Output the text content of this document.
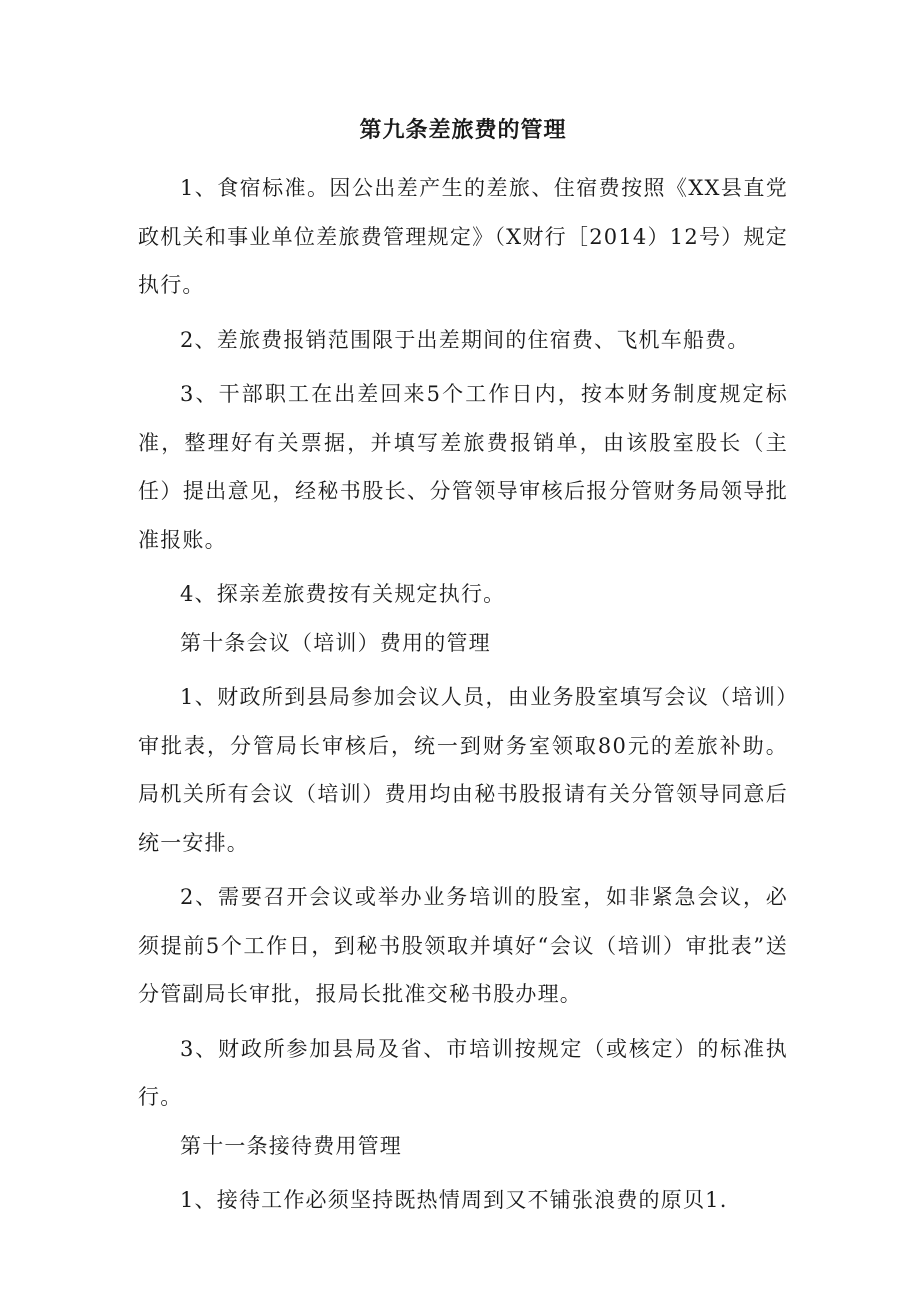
第九条差旅费的管理

1、食宿标准。因公出差产生的差旅、住宿费按照《XX县直党政机关和事业单位差旅费管理规定》（X财行［2014）12号）规定执行。

2、差旅费报销范围限于出差期间的住宿费、飞机车船费。

3、干部职工在出差回来5个工作日内，按本财务制度规定标准，整理好有关票据，并填写差旅费报销单，由该股室股长（主任）提出意见，经秘书股长、分管领导审核后报分管财务局领导批准报账。

4、探亲差旅费按有关规定执行。

第十条会议（培训）费用的管理

1、财政所到县局参加会议人员，由业务股室填写会议（培训）审批表，分管局长审核后，统一到财务室领取80元的差旅补助。局机关所有会议（培训）费用均由秘书股报请有关分管领导同意后统一安排。

2、需要召开会议或举办业务培训的股室，如非紧急会议，必须提前5个工作日，到秘书股领取并填好“会议（培训）审批表”送分管副局长审批，报局长批准交秘书股办理。

3、财政所参加县局及省、市培训按规定（或核定）的标准执行。

第十一条接待费用管理

1、接待工作必须坚持既热情周到又不铺张浪费的原贝1.
